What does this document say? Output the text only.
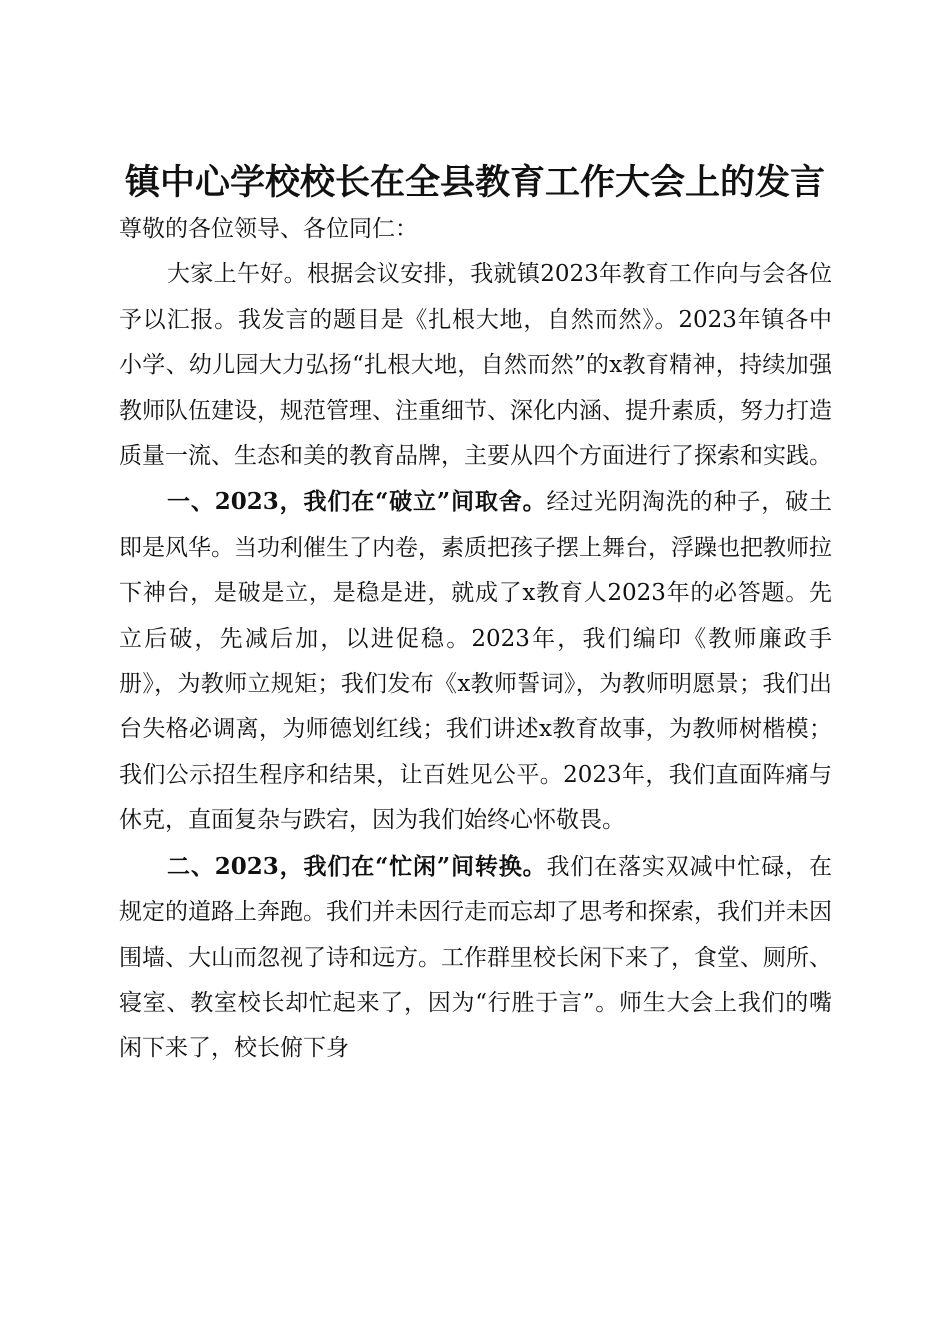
镇中心学校校长在全县教育工作大会上的发言

尊敬的各位领导、各位同仁：

大家上午好。根据会议安排，我就镇2023年教育工作向与会各位予以汇报。我发言的题目是《扎根大地，自然而然》。2023年镇各中小学、幼儿园大力弘扬“扎根大地，自然而然”的x教育精神，持续加强教师队伍建设，规范管理、注重细节、深化内涵、提升素质，努力打造质量一流、生态和美的教育品牌，主要从四个方面进行了探索和实践。

一、2023，我们在“破立”间取舍。经过光阴淘洗的种子，破土即是风华。当功利催生了内卷，素质把孩子摆上舞台，浮躁也把教师拉下神台，是破是立，是稳是进，就成了x教育人2023年的必答题。先立后破，先减后加，以进促稳。2023年，我们编印《教师廉政手册》，为教师立规矩；我们发布《x教师誓词》，为教师明愿景；我们出台失格必调离，为师德划红线；我们讲述x教育故事，为教师树楷模；我们公示招生程序和结果，让百姓见公平。2023年，我们直面阵痛与休克，直面复杂与跌宕，因为我们始终心怀敬畏。

二、2023，我们在“忙闲”间转换。我们在落实双减中忙碌，在规定的道路上奔跑。我们并未因行走而忘却了思考和探索，我们并未因围墙、大山而忽视了诗和远方。工作群里校长闲下来了，食堂、厕所、寝室、教室校长却忙起来了，因为“行胜于言”。师生大会上我们的嘴闲下来了，校长俯下身
